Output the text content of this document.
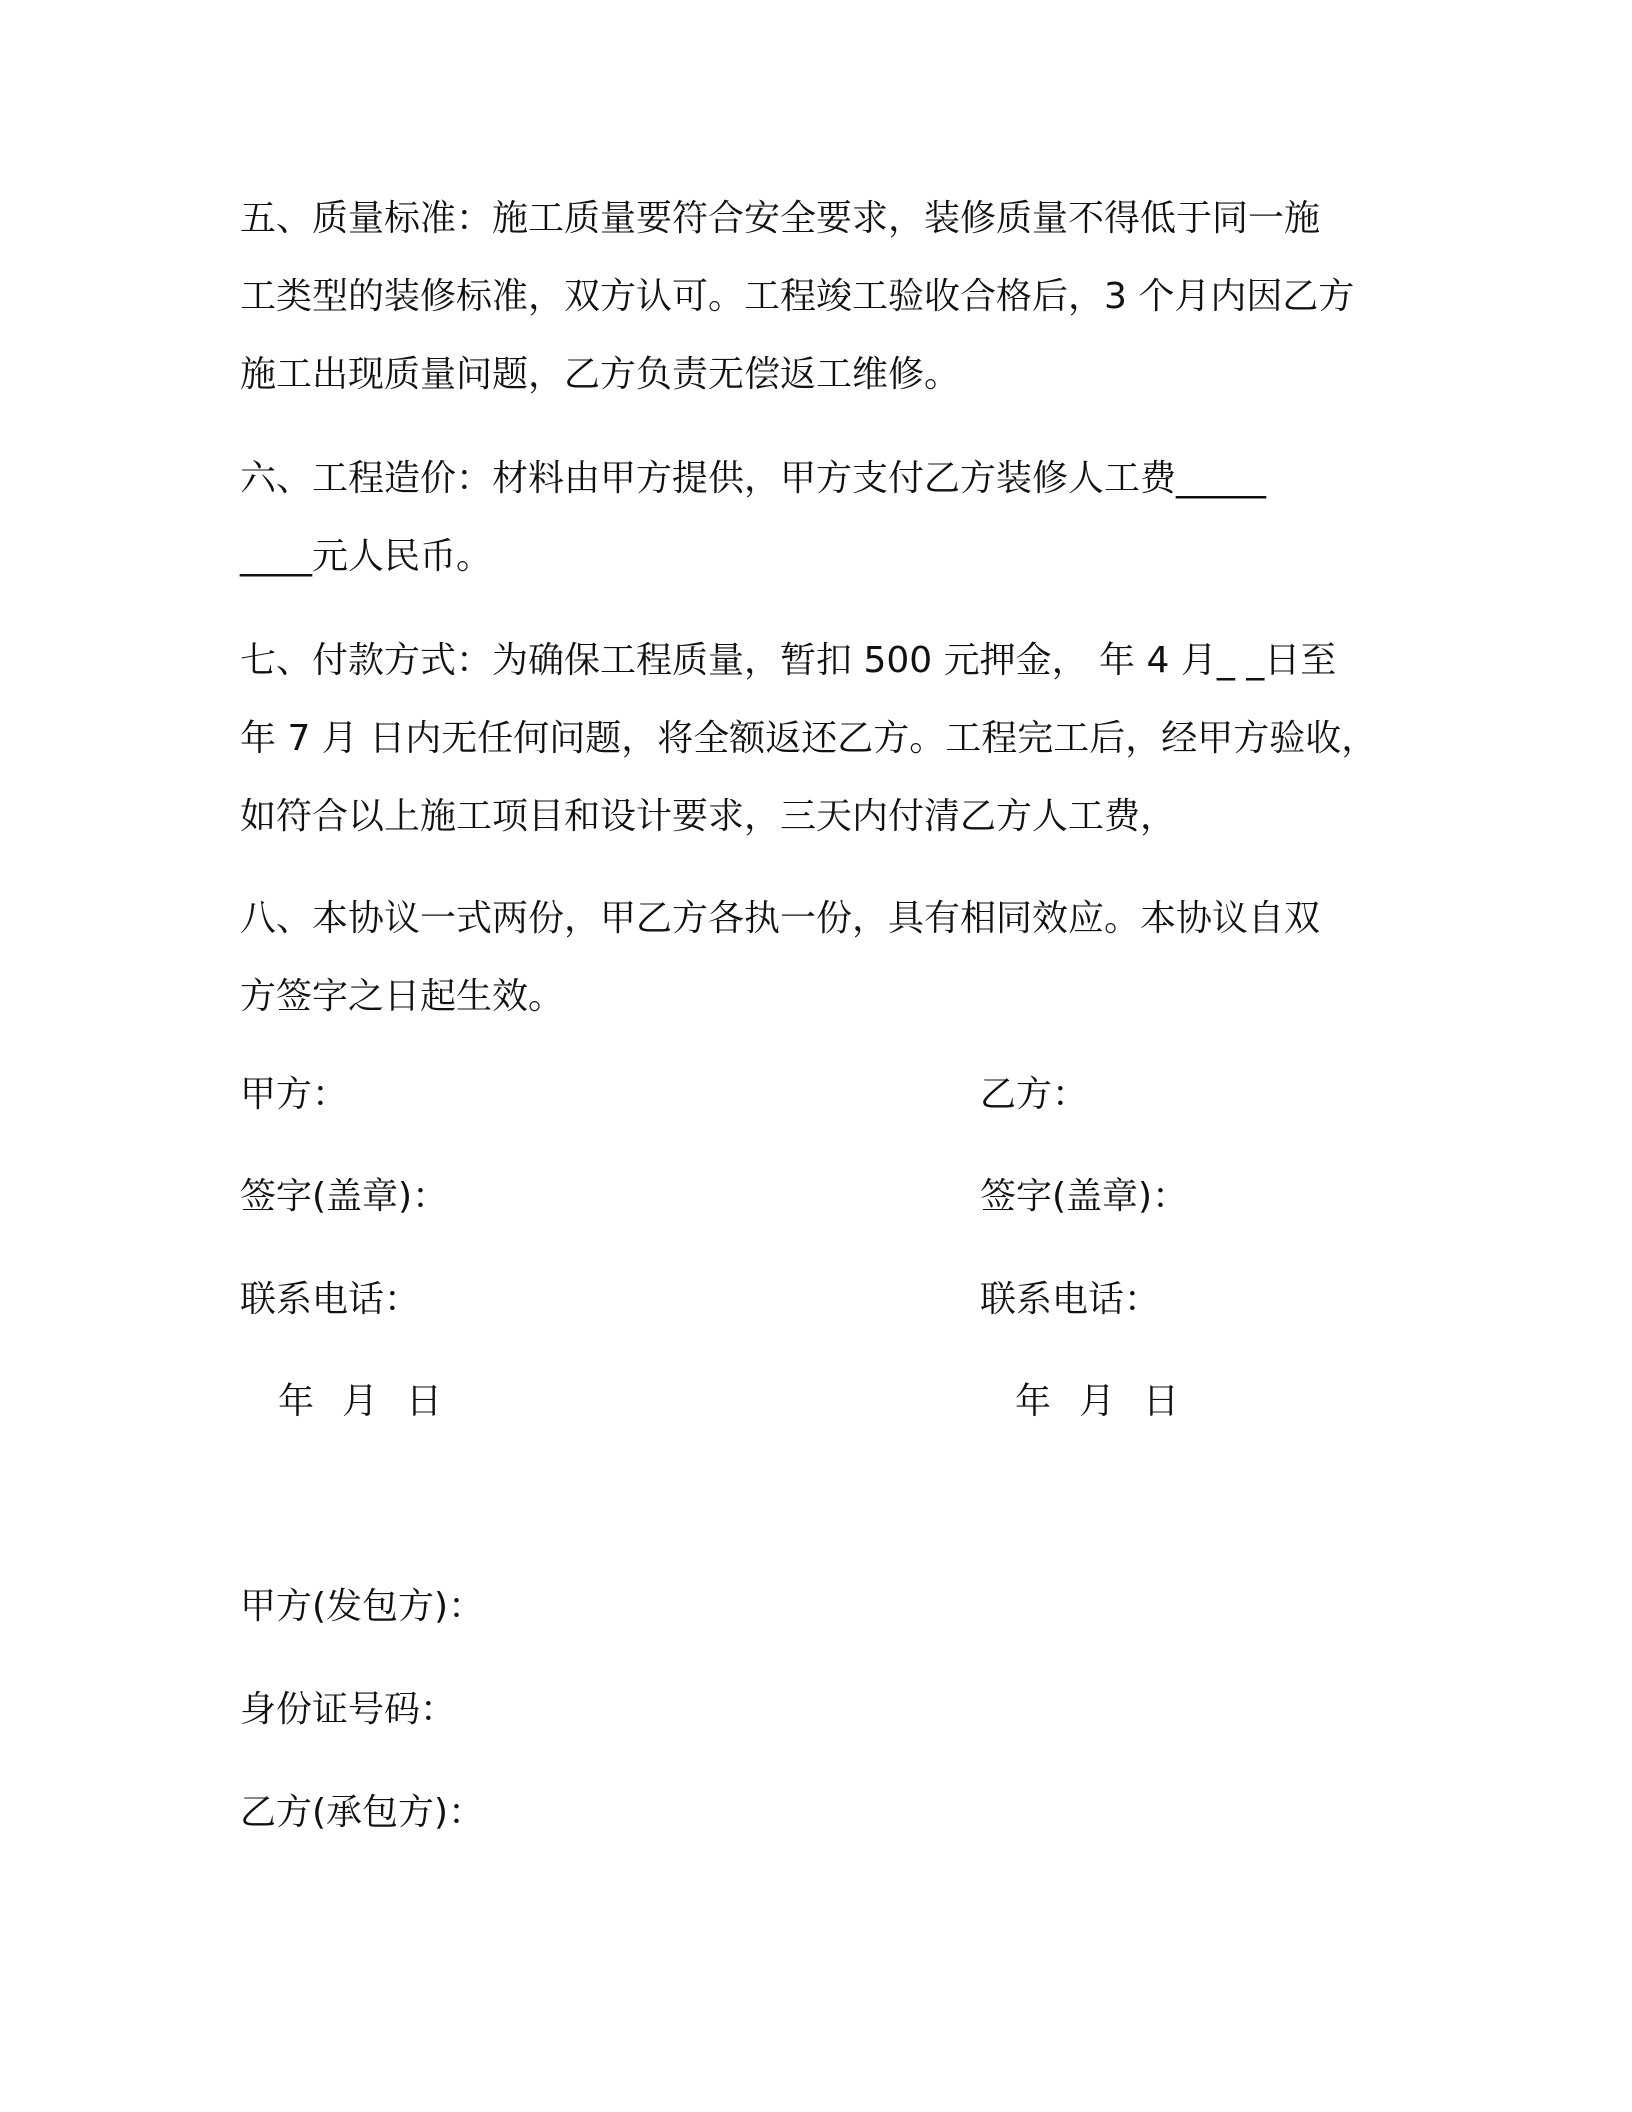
五、质量标准：施工质量要符合安全要求，装修质量不得低于同一施
工类型的装修标准，双方认可。工程竣工验收合格后，3 个月内因乙方
施工出现质量问题，乙方负责无偿返工维修。

六、工程造价：材料由甲方提供，甲方支付乙方装修人工费_____
____元人民币。

七、付款方式：为确保工程质量，暂扣 500 元押金， 年 4 月_ _日至
年 7 月 日内无任何问题，将全额返还乙方。工程完工后，经甲方验收，
如符合以上施工项目和设计要求，三天内付清乙方人工费，

八、本协议一式两份，甲乙方各执一份，具有相同效应。本协议自双
方签字之日起生效。

甲方：
签字(盖章)：
联系电话：
年 月 日
乙方：
签字(盖章)：
联系电话：
年 月 日
甲方(发包方)：
身份证号码：
乙方(承包方)：
